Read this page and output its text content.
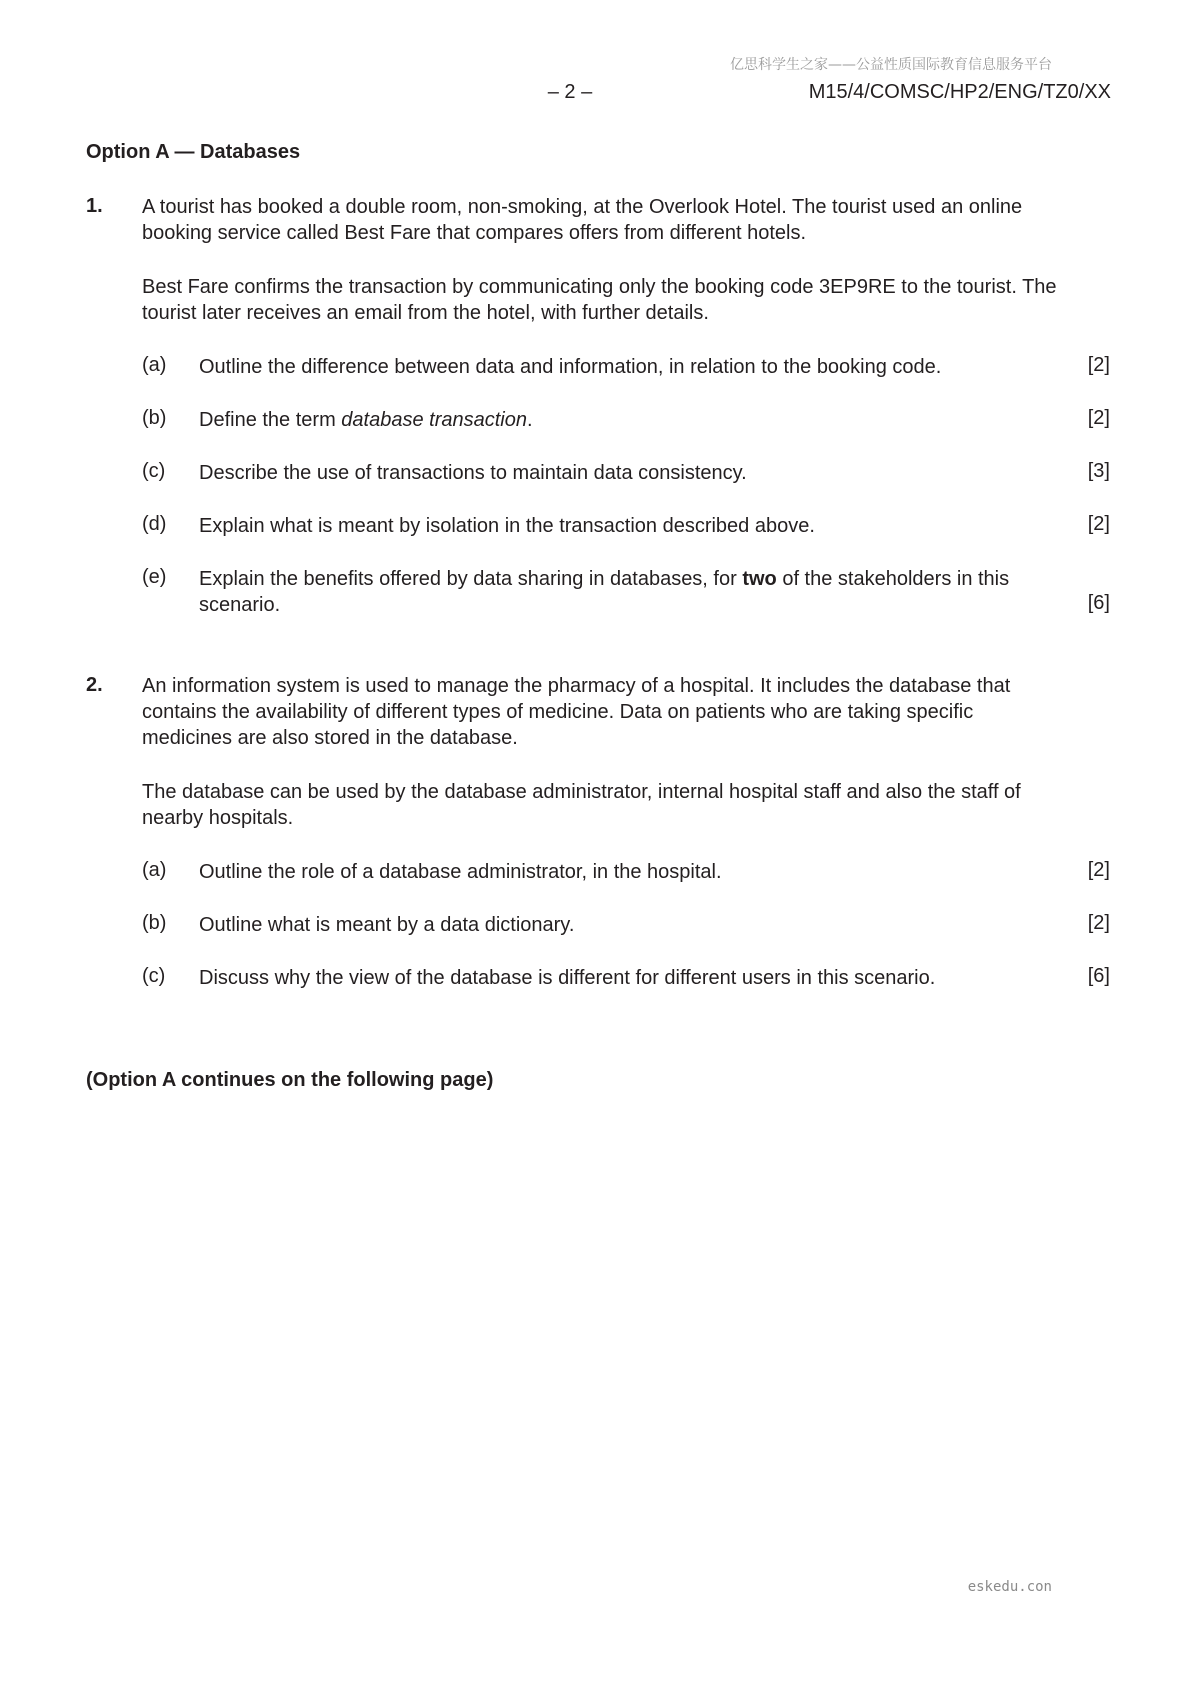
亿思科学生之家——公益性质国际教育信息服务平台
– 2 –	M15/4/COMSC/HP2/ENG/TZ0/XX
Option A — Databases
1. A tourist has booked a double room, non-smoking, at the Overlook Hotel. The tourist used an online booking service called Best Fare that compares offers from different hotels.
Best Fare confirms the transaction by communicating only the booking code 3EP9RE to the tourist. The tourist later receives an email from the hotel, with further details.
(a) Outline the difference between data and information, in relation to the booking code.	[2]
(b) Define the term database transaction.	[2]
(c) Describe the use of transactions to maintain data consistency.	[3]
(d) Explain what is meant by isolation in the transaction described above.	[2]
(e) Explain the benefits offered by data sharing in databases, for two of the stakeholders in this scenario.	[6]
2. An information system is used to manage the pharmacy of a hospital. It includes the database that contains the availability of different types of medicine. Data on patients who are taking specific medicines are also stored in the database.
The database can be used by the database administrator, internal hospital staff and also the staff of nearby hospitals.
(a) Outline the role of a database administrator, in the hospital.	[2]
(b) Outline what is meant by a data dictionary.	[2]
(c) Discuss why the view of the database is different for different users in this scenario.	[6]
(Option A continues on the following page)
eskedu.con
